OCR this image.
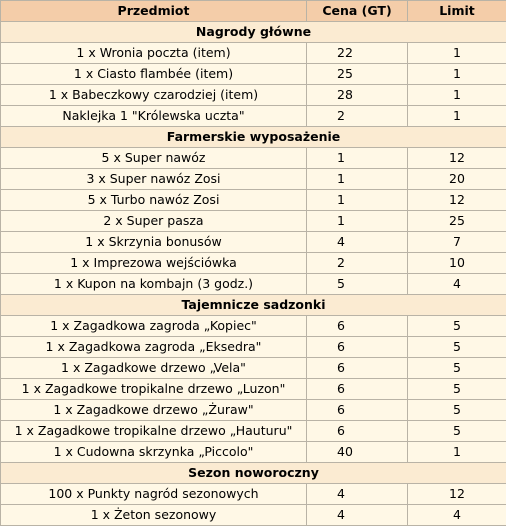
Przedmiot	Cena (GT)	Limit
Nagrody główne		
1 x Wronia poczta (item)	22	1
1 x Ciasto flambée (item)	25	1
1 x Babeczkowy czarodziej (item)	28	1
Naklejka 1 "Królewska uczta"	2	1
Farmerskie wyposażenie		
5 x Super nawóz	1	12
3 x Super nawóz Zosi	1	20
5 x Turbo nawóz Zosi	1	12
2 x Super pasza	1	25
1 x Skrzynia bonusów	4	7
1 x Imprezowa wejściówka	2	10
1 x Kupon na kombajn (3 godz.)	5	4
Tajemnicze sadzonki		
1 x Zagadkowa zagroda „Kopiec"	6	5
1 x Zagadkowa zagroda „Eksedra"	6	5
1 x Zagadkowe drzewo „Vela"	6	5
1 x Zagadkowe tropikalne drzewo „Luzon"	6	5
1 x Zagadkowe drzewo „Żuraw"	6	5
1 x Zagadkowe tropikalne drzewo „Hauturu"	6	5
1 x Cudowna skrzynka „Piccolo"	40	1
Sezon noworoczny		
100 x Punkty nagród sezonowych	4	12
1 x Żeton sezonowy	4	4
